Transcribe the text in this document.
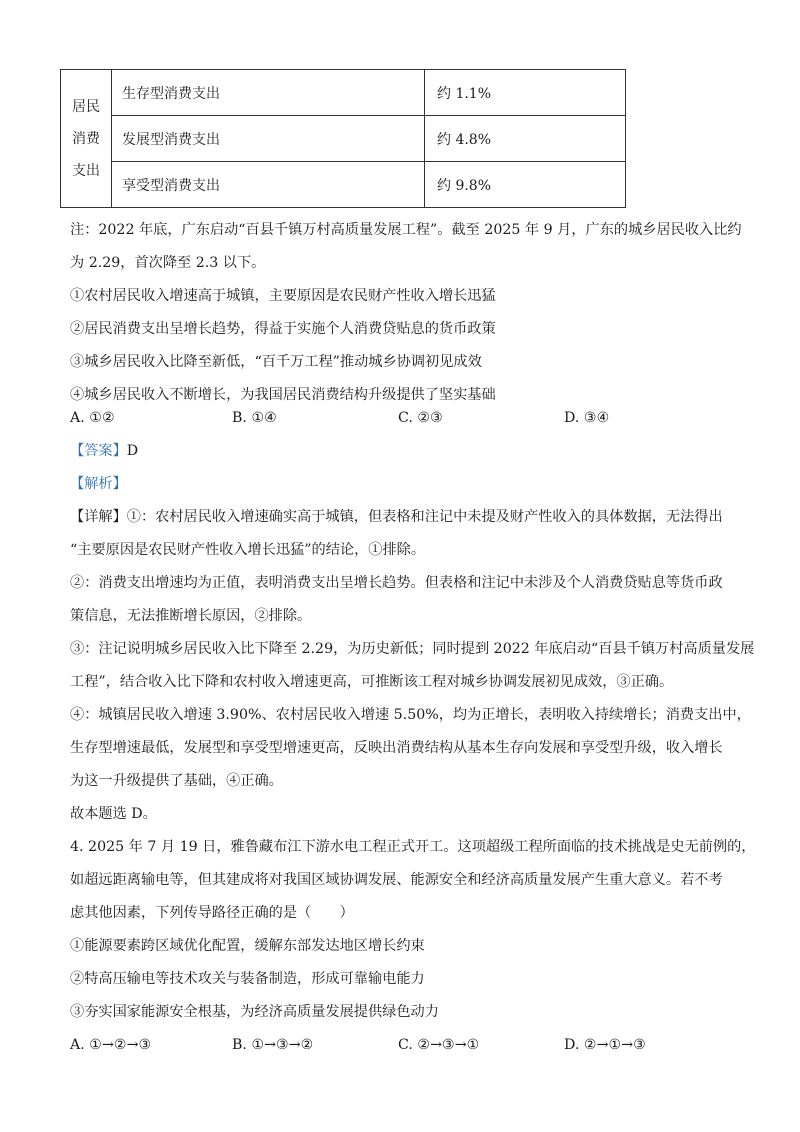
居民
消费
支出	生存型消费支出	约 1.1%
	发展型消费支出	约 4.8%
	享受型消费支出	约 9.8%
注：2022 年底，广东启动“百县千镇万村高质量发展工程”。截至 2025 年 9 月，广东的城乡居民收入比约
为 2.29，首次降至 2.3 以下。
①农村居民收入增速高于城镇，主要原因是农民财产性收入增长迅猛
②居民消费支出呈增长趋势，得益于实施个人消费贷贴息的货币政策
③城乡居民收入比降至新低，“百千万工程”推动城乡协调初见成效
④城乡居民收入不断增长，为我国居民消费结构升级提供了坚实基础
A. ①②	B. ①④	C. ②③	D. ③④
【答案】D
【解析】
【详解】①：农村居民收入增速确实高于城镇，但表格和注记中未提及财产性收入的具体数据，无法得出
“主要原因是农民财产性收入增长迅猛”的结论，①排除。
②：消费支出增速均为正值，表明消费支出呈增长趋势。但表格和注记中未涉及个人消费贷贴息等货币政
策信息，无法推断增长原因，②排除。
③：注记说明城乡居民收入比下降至 2.29，为历史新低；同时提到 2022 年底启动“百县千镇万村高质量发展
工程”，结合收入比下降和农村收入增速更高，可推断该工程对城乡协调发展初见成效，③正确。
④：城镇居民收入增速 3.90%、农村居民收入增速 5.50%，均为正增长，表明收入持续增长；消费支出中，
生存型增速最低，发展型和享受型增速更高，反映出消费结构从基本生存向发展和享受型升级，收入增长
为这一升级提供了基础，④正确。
故本题选 D。
4. 2025 年 7 月 19 日，雅鲁藏布江下游水电工程正式开工。这项超级工程所面临的技术挑战是史无前例的，
如超远距离输电等，但其建成将对我国区域协调发展、能源安全和经济高质量发展产生重大意义。若不考
虑其他因素，下列传导路径正确的是（　　）
①能源要素跨区域优化配置，缓解东部发达地区增长约束
②特高压输电等技术攻关与装备制造，形成可靠输电能力
③夯实国家能源安全根基，为经济高质量发展提供绿色动力
A. ①→②→③	B. ①→③→②	C. ②→③→①	D. ②→①→③
